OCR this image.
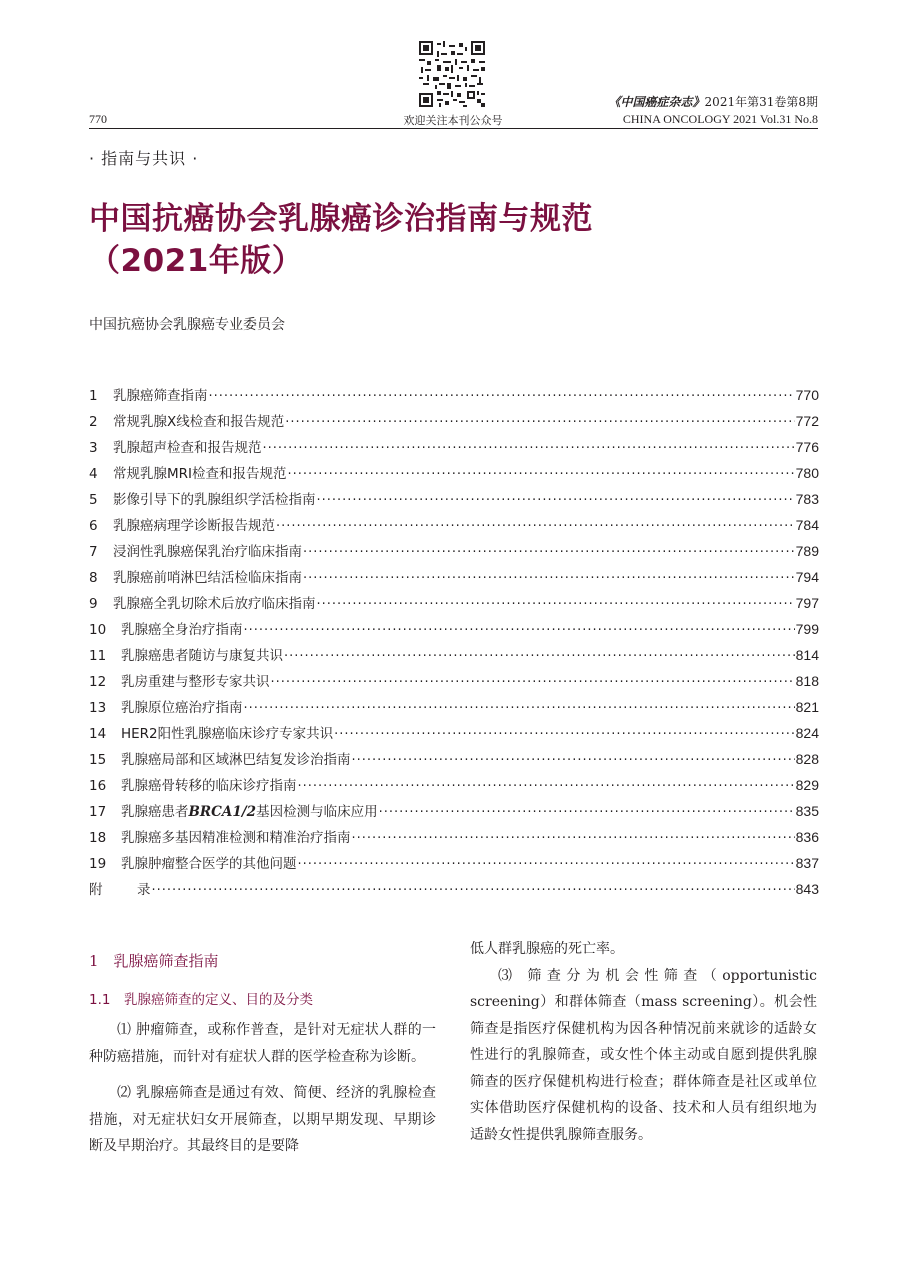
欢迎关注本刊公众号
770
《中国癌症杂志》2021年第31卷第8期
CHINA ONCOLOGY 2021 Vol.31 No.8
· 指南与共识 ·
中国抗癌协会乳腺癌诊治指南与规范
（2021年版）
中国抗癌协会乳腺癌专业委员会
1	乳腺癌筛查指南 ·····	770
2	常规乳腺X线检查和报告规范 ·····	772
3	乳腺超声检查和报告规范 ·····	776
4	常规乳腺MRI检查和报告规范 ·····	780
5	影像引导下的乳腺组织学活检指南 ·····	783
6	乳腺癌病理学诊断报告规范 ·····	784
7	浸润性乳腺癌保乳治疗临床指南 ·····	789
8	乳腺癌前哨淋巴结活检临床指南 ·····	794
9	乳腺癌全乳切除术后放疗临床指南 ·····	797
10	乳腺癌全身治疗指南 ·····	799
11	乳腺癌患者随访与康复共识 ·····	814
12	乳房重建与整形专家共识 ·····	818
13	乳腺原位癌治疗指南 ·····	821
14	HER2阳性乳腺癌临床诊疗专家共识 ·····	824
15	乳腺癌局部和区域淋巴结复发诊治指南 ·····	828
16	乳腺癌骨转移的临床诊疗指南 ·····	829
17	乳腺癌患者BRCA1/2基因检测与临床应用 ·····	835
18	乳腺癌多基因精准检测和精准治疗指南 ·····	836
19	乳腺肿瘤整合医学的其他问题 ·····	837
附	录 ·····	843
1　乳腺癌筛查指南
1.1　乳腺癌筛查的定义、目的及分类

⑴ 肿瘤筛查，或称作普查，是针对无症状人群的一种防癌措施，而针对有症状人群的医学检查称为诊断。

⑵ 乳腺癌筛查是通过有效、简便、经济的乳腺检查措施，对无症状妇女开展筛查，以期早期发现、早期诊断及早期治疗。其最终目的是要降

低人群乳腺癌的死亡率。

⑶ 筛查分为机会性筛查（opportunistic screening）和群体筛查（mass screening）。机会性筛查是指医疗保健机构为因各种情况前来就诊的适龄女性进行的乳腺筛查，或女性个体主动或自愿到提供乳腺筛查的医疗保健机构进行检查；群体筛查是社区或单位实体借助医疗保健机构的设备、技术和人员有组织地为适龄女性提供乳腺筛查服务。
